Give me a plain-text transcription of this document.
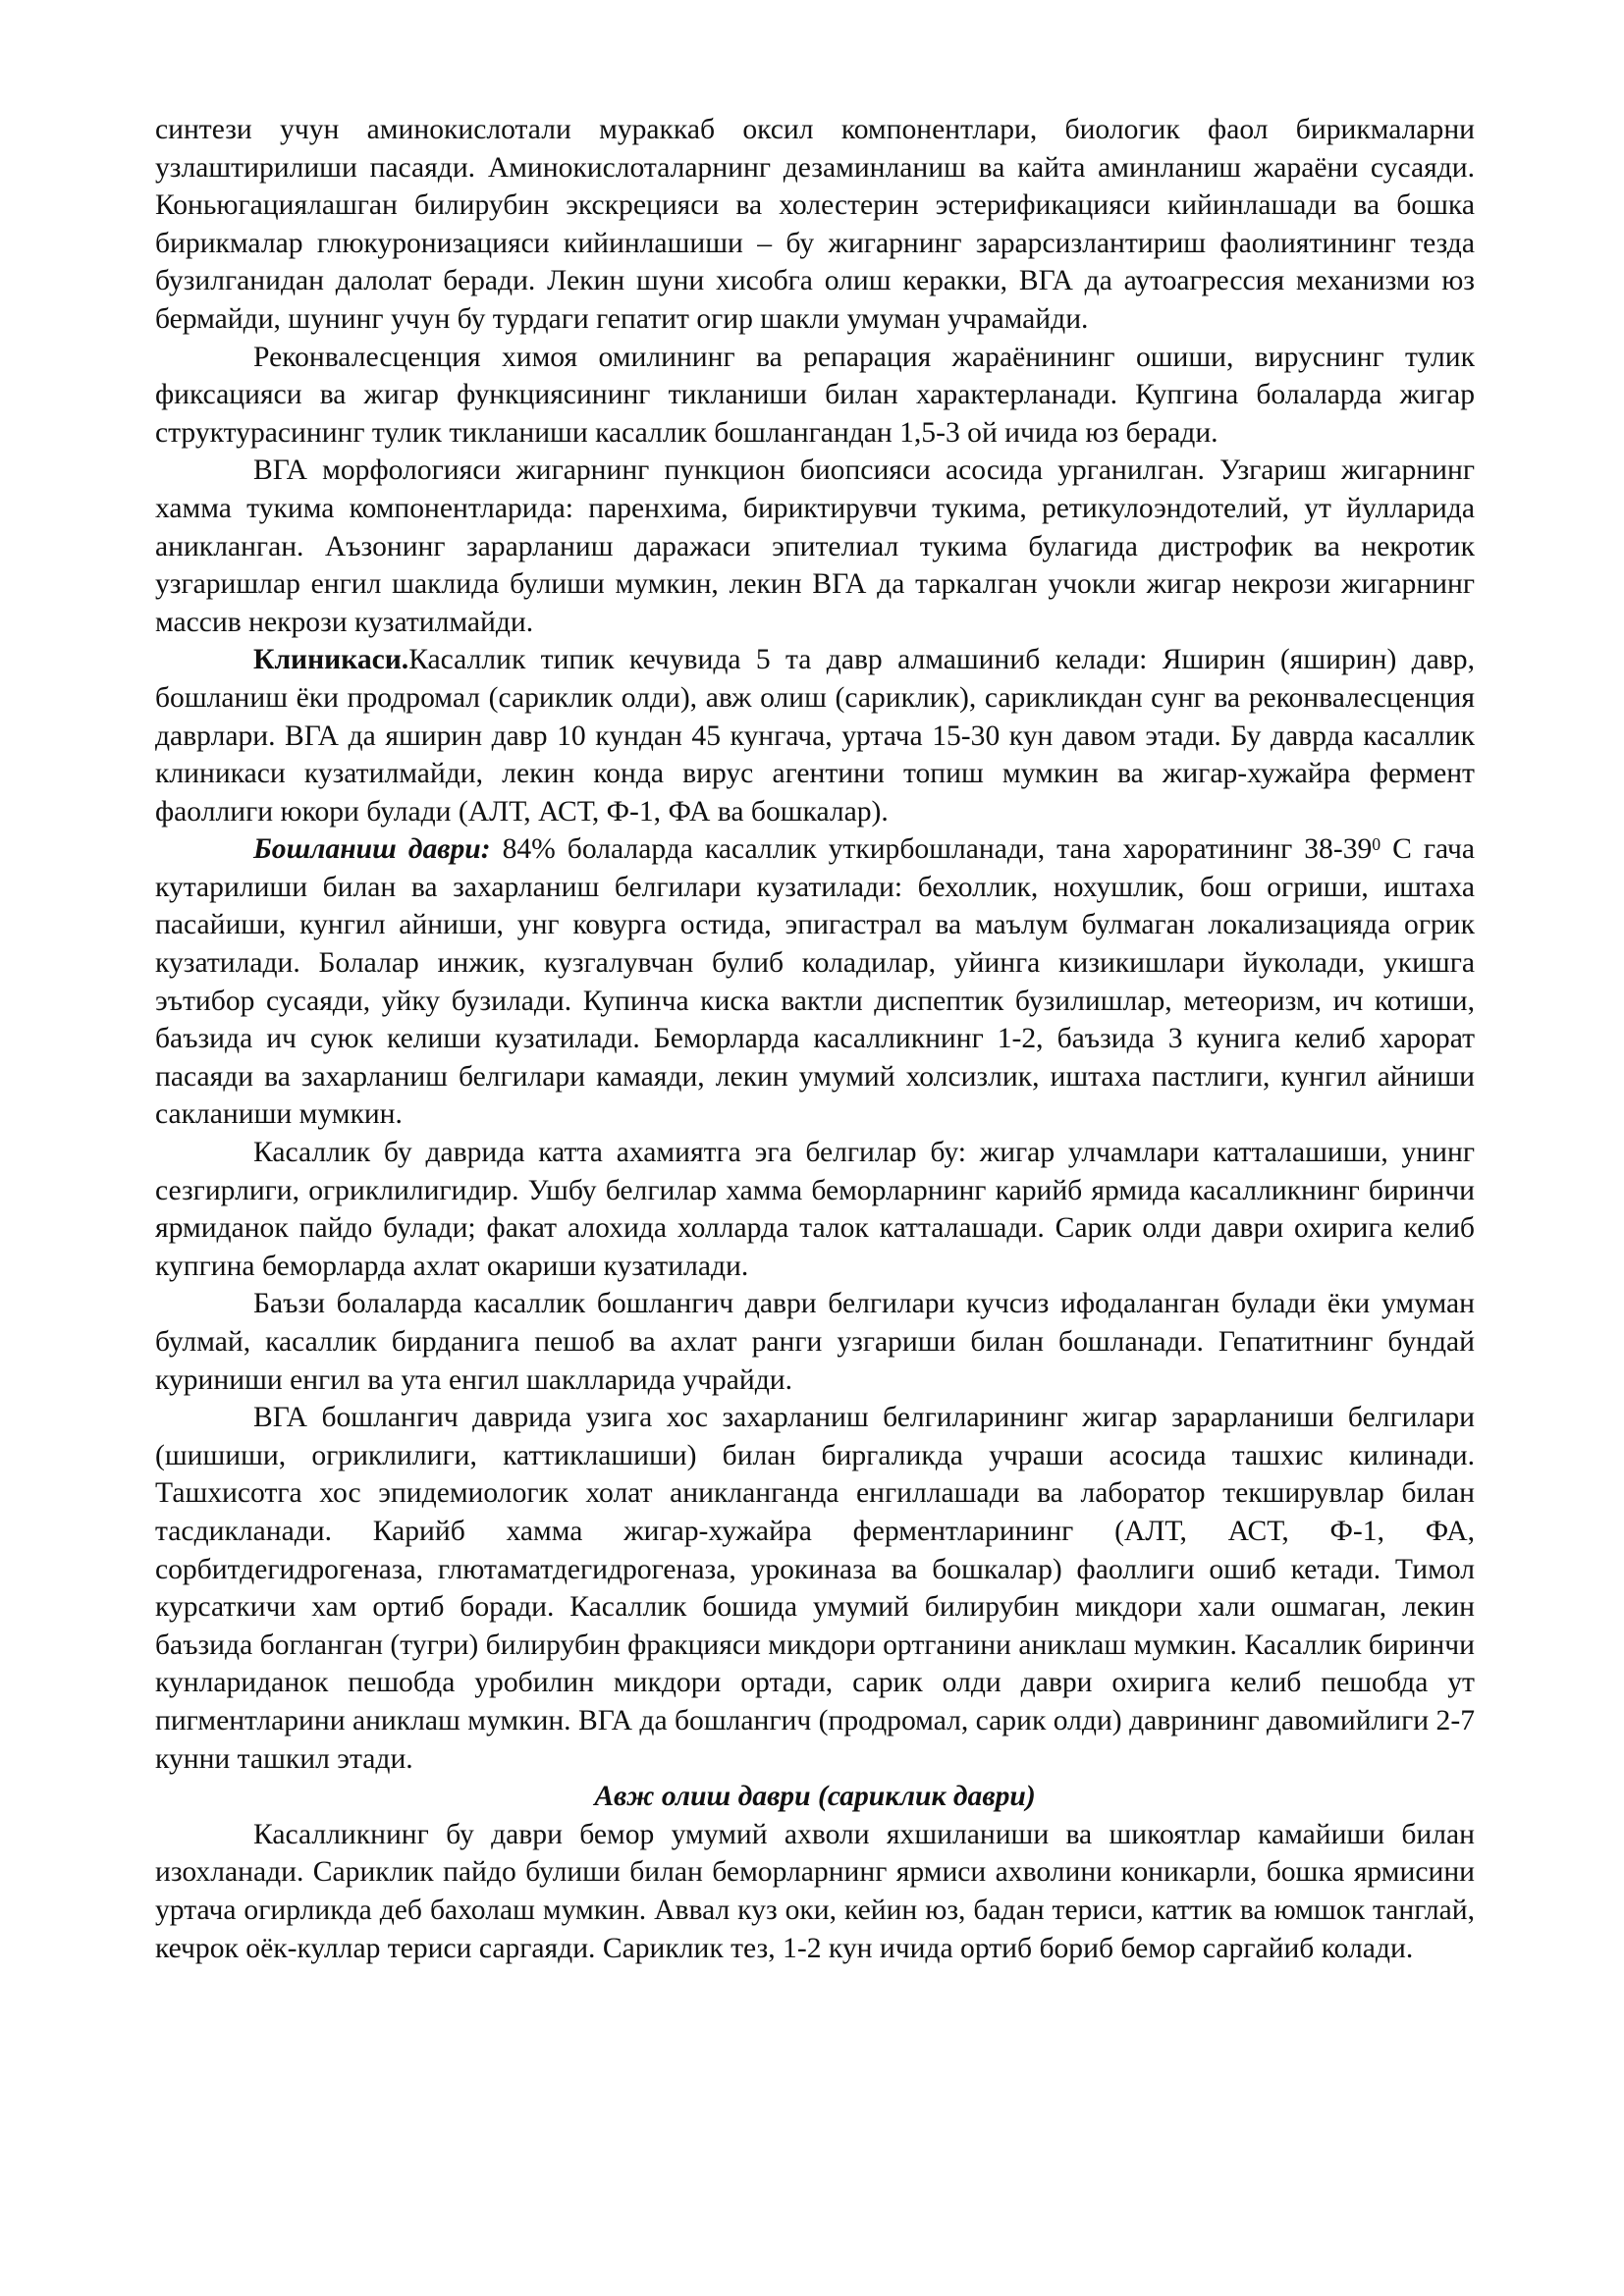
синтези учун аминокислотали мураккаб оксил компонентлари, биологик фаол бирикмаларни узлаштирилиши пасаяди. Аминокислоталарнинг дезаминланиш ва кайта аминланиш жараёни сусаяди. Коньюгациялашган билирубин экскрецияси ва холестерин эстерификацияси кийинлашади ва бошка бирикмалар глюкуронизацияси кийинлашиши – бу жигарнинг зарарсизлантириш фаолиятининг тезда бузилганидан далолат беради. Лекин шуни хисобга олиш керакки, ВГА да аутоагрессия механизми юз бермайди, шунинг учун бу турдаги гепатит огир шакли умуман учрамайди.

Реконвалесценция химоя омилининг ва репарация жараёнининг ошиши, вируснинг тулик фиксацияси ва жигар функциясининг тикланиши билан характерланади. Купгина болаларда жигар структурасининг тулик тикланиши касаллик бошлангандан 1,5-3 ой ичида юз беради.

ВГА морфологияси жигарнинг пункцион биопсияси асосида урганилган. Узгариш жигарнинг хамма тукима компонентларида: паренхима, бириктирувчи тукима, ретикулоэндотелий, ут йулларида аникланган. Аъзонинг зарарланиш даражаси эпителиал тукима булагида дистрофик ва некротик узгаришлар енгил шаклида булиши мумкин, лекин ВГА да таркалган учокли жигар некрози жигарнинг массив некрози кузатилмайди.

Клиникаси.Касаллик типик кечувида 5 та давр алмашиниб келади: Яширин (яширин) давр, бошланиш ёки продромал (сариклик олди), авж олиш (сариклик), сарикликдан сунг ва реконвалесценция даврлари. ВГА да яширин давр 10 кундан 45 кунгача, уртача 15-30 кун давом этади. Бу даврда касаллик клиникаси кузатилмайди, лекин конда вирус агентини топиш мумкин ва жигар-хужайра фермент фаоллиги юкори булади (АЛТ, АСТ, Ф-1, ФА ва бошкалар).

Бошланиш даври: 84% болаларда касаллик уткирбошланади, тана хароратининг $38-39^0$ С гача кутарилиши билан ва захарланиш белгилари кузатилади: бехоллик, нохушлик, бош огриши, иштаха пасайиши, кунгил айниши, унг ковурга остида, эпигастрал ва маълум булмаган локализацияда огрик кузатилади. Болалар инжик, кузгалувчан булиб коладилар, уйинга кизикишлари йуколади, укишга эътибор сусаяди, уйку бузилади. Купинча киска вактли диспептик бузилишлар, метеоризм, ич котиши, баъзида ич суюк келиши кузатилади. Беморларда касалликнинг 1-2, баъзида 3 кунига келиб харорат пасаяди ва захарланиш белгилари камаяди, лекин умумий холсизлик, иштаха пастлиги, кунгил айниши сакланиши мумкин.

Касаллик бу даврида катта ахамиятга эга белгилар бу: жигар улчамлари катталашиши, унинг сезгирлиги, огриклилигидир. Ушбу белгилар хамма беморларнинг карийб ярмида касалликнинг биринчи ярмиданок пайдо булади; факат алохида холларда талок катталашади. Сарик олди даври охирига келиб купгина беморларда ахлат окариши кузатилади.

Баъзи болаларда касаллик бошлангич даври белгилари кучсиз ифодаланган булади ёки умуман булмай, касаллик бирданига пешоб ва ахлат ранги узгариши билан бошланади. Гепатитнинг бундай куриниши енгил ва ута енгил шаклларида учрайди.

ВГА бошлангич даврида узига хос захарланиш белгиларининг жигар зарарланиши белгилари (шишиши, огриклилиги, каттиклашиши) билан биргаликда учраши асосида ташхис килинади. Ташхисотга хос эпидемиологик холат аникланганда енгиллашади ва лаборатор текширувлар билан тасдикланади. Карийб хамма жигар-хужайра ферментларининг (АЛТ, АСТ, Ф-1, ФА, сорбитдегидрогеназа, глютаматдегидрогеназа, урокиназа ва бошкалар) фаоллиги ошиб кетади. Тимол курсаткичи хам ортиб боради. Касаллик бошида умумий билирубин микдори хали ошмаган, лекин баъзида богланган (тугри) билирубин фракцияси микдори ортганини аниклаш мумкин. Касаллик биринчи кунлариданок пешобда уробилин микдори ортади, сарик олди даври охирига келиб пешобда ут пигментларини аниклаш мумкин. ВГА да бошлангич (продромал, сарик олди) даврининг давомийлиги 2-7 кунни ташкил этади.

Авж олиш даври (сариклик даври)

Касалликнинг бу даври бемор умумий ахволи яхшиланиши ва шикоятлар камайиши билан изохланади. Сариклик пайдо булиши билан беморларнинг ярмиси ахволини коникарли, бошка ярмисини уртача огирликда деб бахолаш мумкин. Аввал куз оки, кейин юз, бадан териси, каттик ва юмшок танглай, кечрок оёк-куллар териси саргаяди. Сариклик тез, 1-2 кун ичида ортиб бориб бемор саргайиб колади.
